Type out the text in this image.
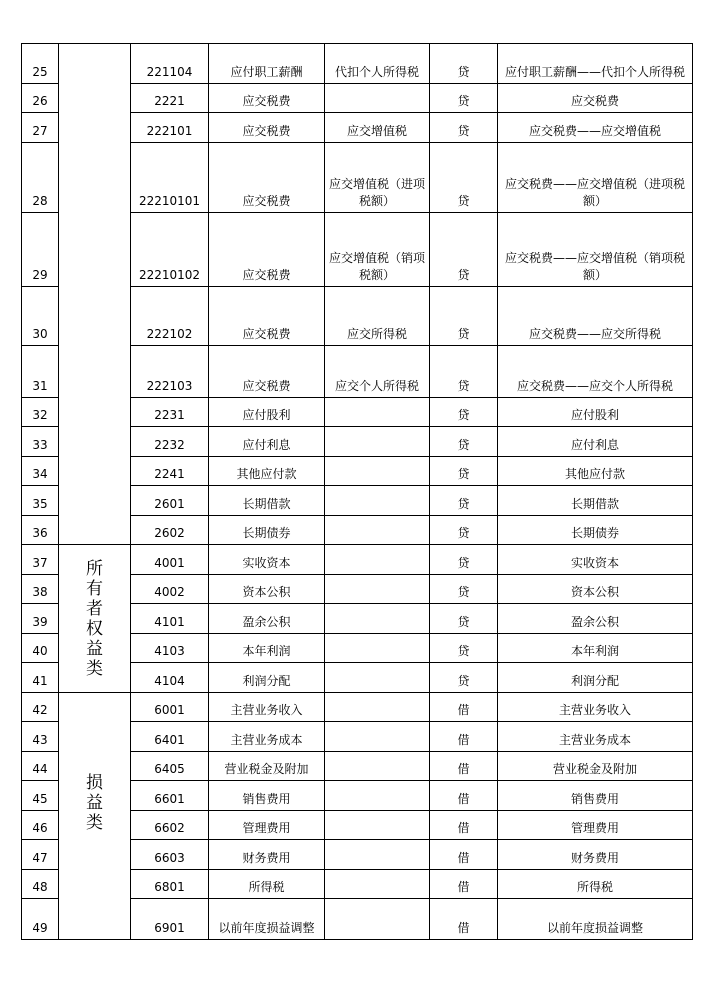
25		221104	应付职工薪酬	代扣个人所得税	贷	应付职工薪酬——代扣个人所得税
26		2221	应交税费		贷	应交税费
27		222101	应交税费	应交增值税	贷	应交税费——应交增值税
28		22210101	应交税费	应交增值税（进项税额）	贷	应交税费——应交增值税（进项税额）
29		22210102	应交税费	应交增值税（销项税额）	贷	应交税费——应交增值税（销项税额）
30		222102	应交税费	应交所得税	贷	应交税费——应交所得税
31		222103	应交税费	应交个人所得税	贷	应交税费——应交个人所得税
32		2231	应付股利		贷	应付股利
33		2232	应付利息		贷	应付利息
34		2241	其他应付款		贷	其他应付款
35		2601	长期借款		贷	长期借款
36		2602	长期债券		贷	长期债券
37	所有者权益类	4001	实收资本		贷	实收资本
38		4002	资本公积		贷	资本公积
39		4101	盈余公积		贷	盈余公积
40		4103	本年利润		贷	本年利润
41		4104	利润分配		贷	利润分配
42	损益类	6001	主营业务收入		借	主营业务收入
43		6401	主营业务成本		借	主营业务成本
44		6405	营业税金及附加		借	营业税金及附加
45		6601	销售费用		借	销售费用
46		6602	管理费用		借	管理费用
47		6603	财务费用		借	财务费用
48		6801	所得税		借	所得税
49		6901	以前年度损益调整		借	以前年度损益调整
